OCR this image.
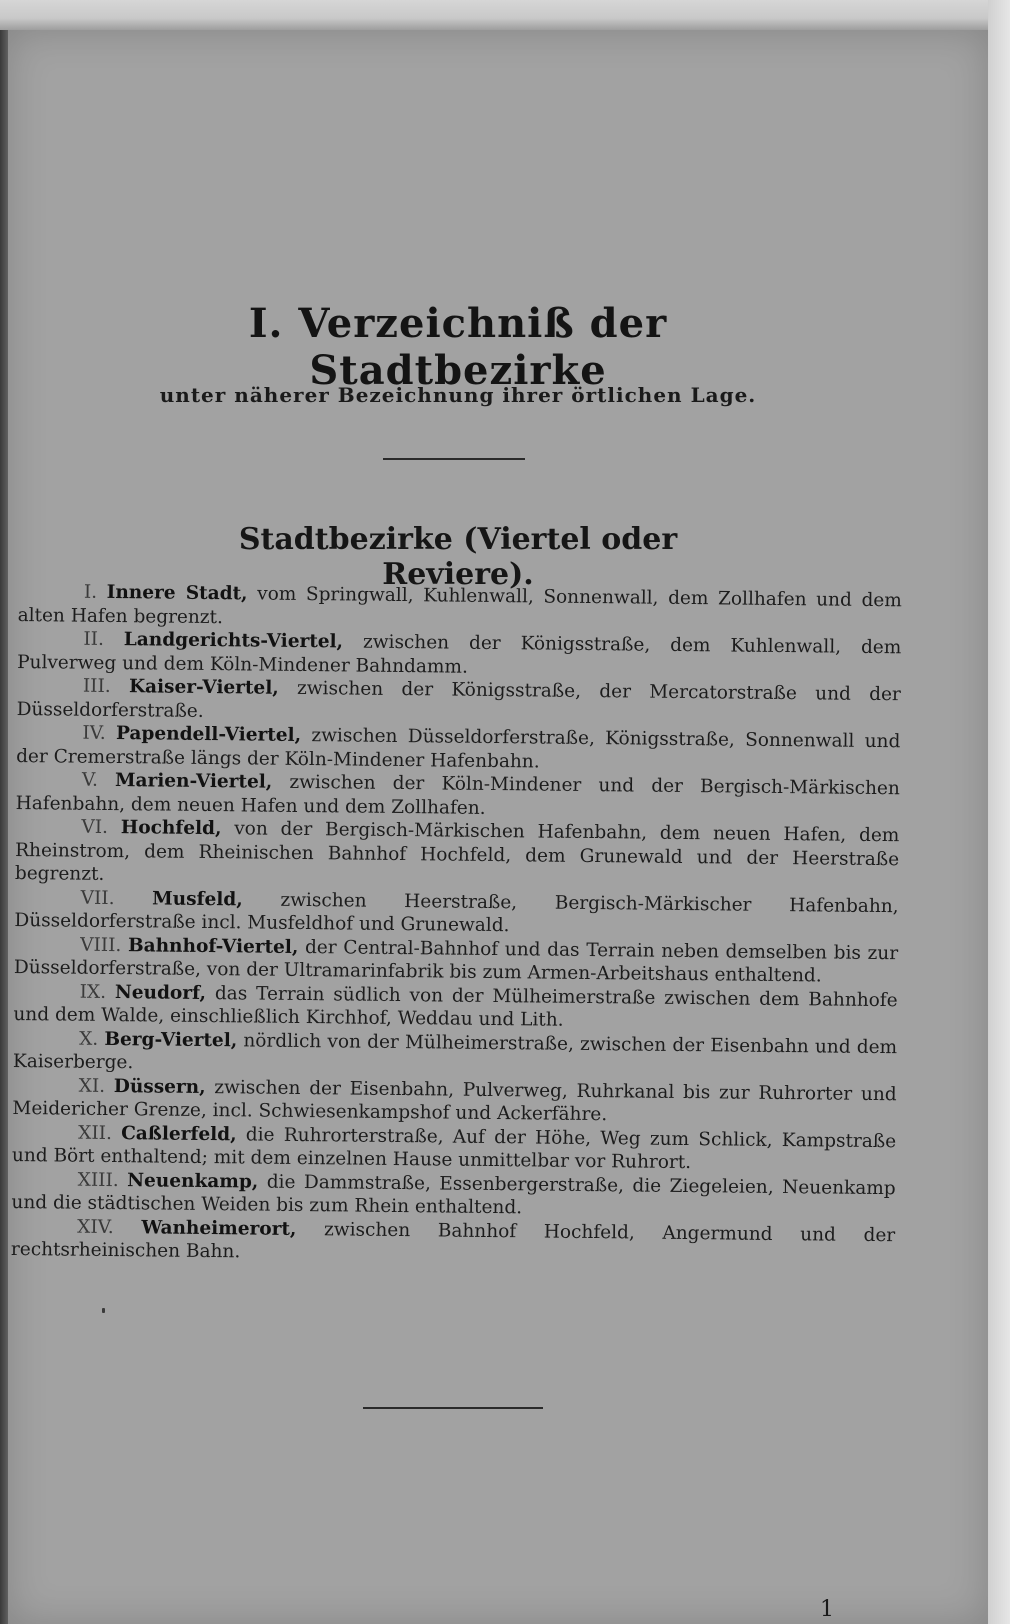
I. Verzeichniß der Stadtbezirke
unter näherer Bezeichnung ihrer örtlichen Lage.
Stadtbezirke (Viertel oder Reviere).

I. Innere Stadt, vom Springwall, Kuhlenwall, Sonnenwall, dem Zollhafen und dem alten Hafen begrenzt.

II. Landgerichts-Viertel, zwischen der Königsstraße, dem Kuhlenwall, dem Pulverweg und dem Köln-Mindener Bahndamm.

III. Kaiser-Viertel, zwischen der Königsstraße, der Mercatorstraße und der Düsseldorferstraße.

IV. Papendell-Viertel, zwischen Düsseldorferstraße, Königsstraße, Sonnenwall und der Cremerstraße längs der Köln-Mindener Hafenbahn.

V. Marien-Viertel, zwischen der Köln-Mindener und der Bergisch-Märkischen Hafenbahn, dem neuen Hafen und dem Zollhafen.

VI. Hochfeld, von der Bergisch-Märkischen Hafenbahn, dem neuen Hafen, dem Rheinstrom, dem Rheinischen Bahnhof Hochfeld, dem Grunewald und der Heerstraße begrenzt.

VII. Musfeld, zwischen Heerstraße, Bergisch-Märkischer Hafenbahn, Düsseldorferstraße incl. Musfeldhof und Grunewald.

VIII. Bahnhof-Viertel, der Central-Bahnhof und das Terrain neben demselben bis zur Düsseldorferstraße, von der Ultramarinfabrik bis zum Armen-Arbeitshaus enthaltend.

IX. Neudorf, das Terrain südlich von der Mülheimerstraße zwischen dem Bahnhofe und dem Walde, einschließlich Kirchhof, Weddau und Lith.

X. Berg-Viertel, nördlich von der Mülheimerstraße, zwischen der Eisenbahn und dem Kaiserberge.

XI. Düssern, zwischen der Eisenbahn, Pulverweg, Ruhrkanal bis zur Ruhrorter und Meidericher Grenze, incl. Schwiesenkampshof und Ackerfähre.

XII. Caßlerfeld, die Ruhrorterstraße, Auf der Höhe, Weg zum Schlick, Kampstraße und Bört enthaltend; mit dem einzelnen Hause unmittelbar vor Ruhrort.

XIII. Neuenkamp, die Dammstraße, Essenbergerstraße, die Ziegeleien, Neuenkamp und die städtischen Weiden bis zum Rhein enthaltend.

XIV. Wanheimerort, zwischen Bahnhof Hochfeld, Angermund und der rechtsrheinischen Bahn.

1
